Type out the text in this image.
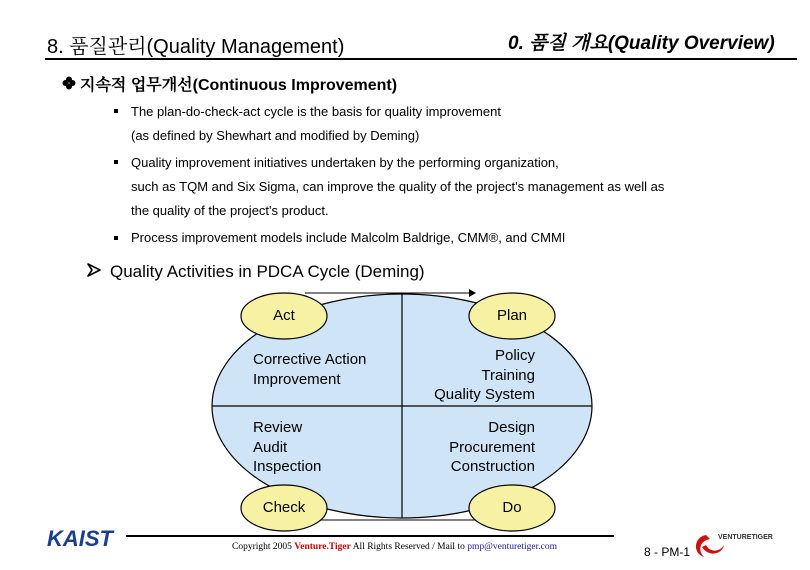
8. 품질관리(Quality Management)	0. 품질 개요(Quality Overview)
지속적 업무개선(Continuous Improvement)
The plan-do-check-act cycle is the basis for quality improvement
(as defined by Shewhart and modified by Deming)
Quality improvement initiatives undertaken by the performing organization,
such as TQM and Six Sigma, can improve the quality of the project's management as well as
the quality of the project's product.
Process improvement models include Malcolm Baldrige, CMM®, and CMMI
Quality Activities in PDCA Cycle (Deming)
Act	Plan
Check	Do
Corrective Action
Improvement
Policy
Training
Quality System
Review
Audit
Inspection
Design
Procurement
Construction
KAIST	Copyright 2005 Venture.Tiger All Rights Reserved / Mail to pmp@venturetiger.com	8 - PM-1
VENTURETIGER
